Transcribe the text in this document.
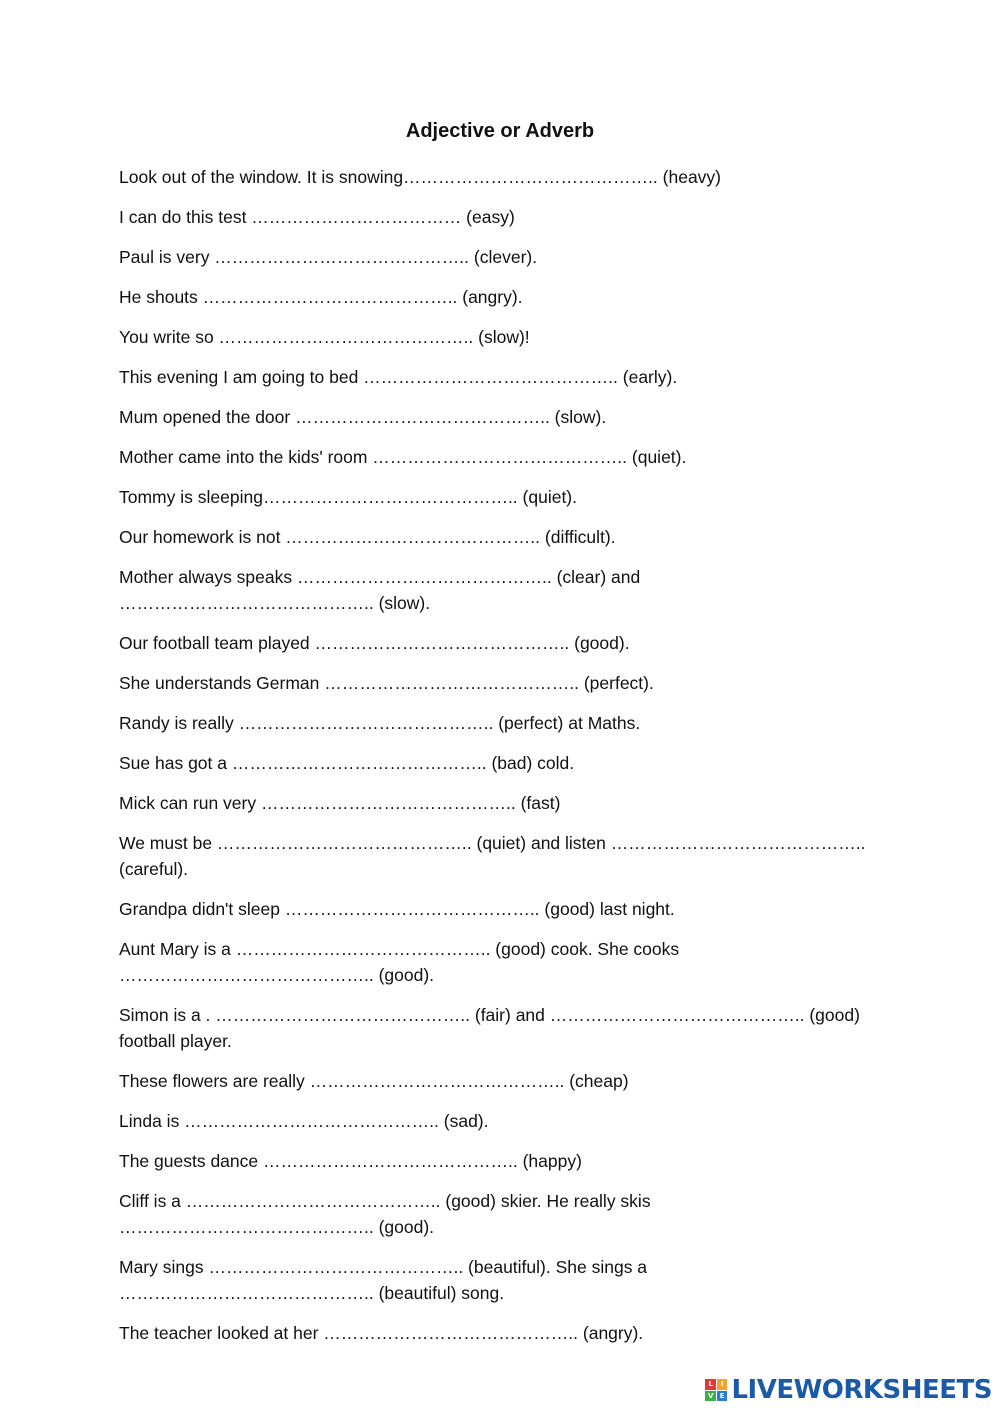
Adjective or Adverb
Look out of the window. It is snowing…………………………………….. (heavy)
I can do this test ……………………………… (easy)
Paul is very …………………………………….. (clever).
He shouts …………………………………….. (angry).
You write so …………………………………….. (slow)!
This evening I am going to bed …………………………………….. (early).
Mum opened the door …………………………………….. (slow).
Mother came into the kids' room …………………………………….. (quiet).
Tommy is sleeping…………………………………….. (quiet).
Our homework is not …………………………………….. (difficult).
Mother always speaks …………………………………….. (clear) and …………………………………….. (slow).
Our football team played …………………………………….. (good).
She understands German …………………………………….. (perfect).
Randy is really …………………………………….. (perfect) at Maths.
Sue has got a …………………………………….. (bad) cold.
Mick can run very …………………………………….. (fast)
We must be …………………………………….. (quiet) and listen …………………………………….. (careful).
Grandpa didn't sleep …………………………………….. (good) last night.
Aunt Mary is a …………………………………….. (good) cook. She cooks …………………………………….. (good).
Simon is a . …………………………………….. (fair) and …………………………………….. (good) football player.
These flowers are really …………………………………….. (cheap)
Linda is …………………………………….. (sad).
The guests dance …………………………………….. (happy)
Cliff is a …………………………………….. (good) skier. He really skis …………………………………….. (good).
Mary sings …………………………………….. (beautiful). She sings a …………………………………….. (beautiful) song.
The teacher looked at her …………………………………….. (angry).
L	I
V E LIVEWORKSHEETS
